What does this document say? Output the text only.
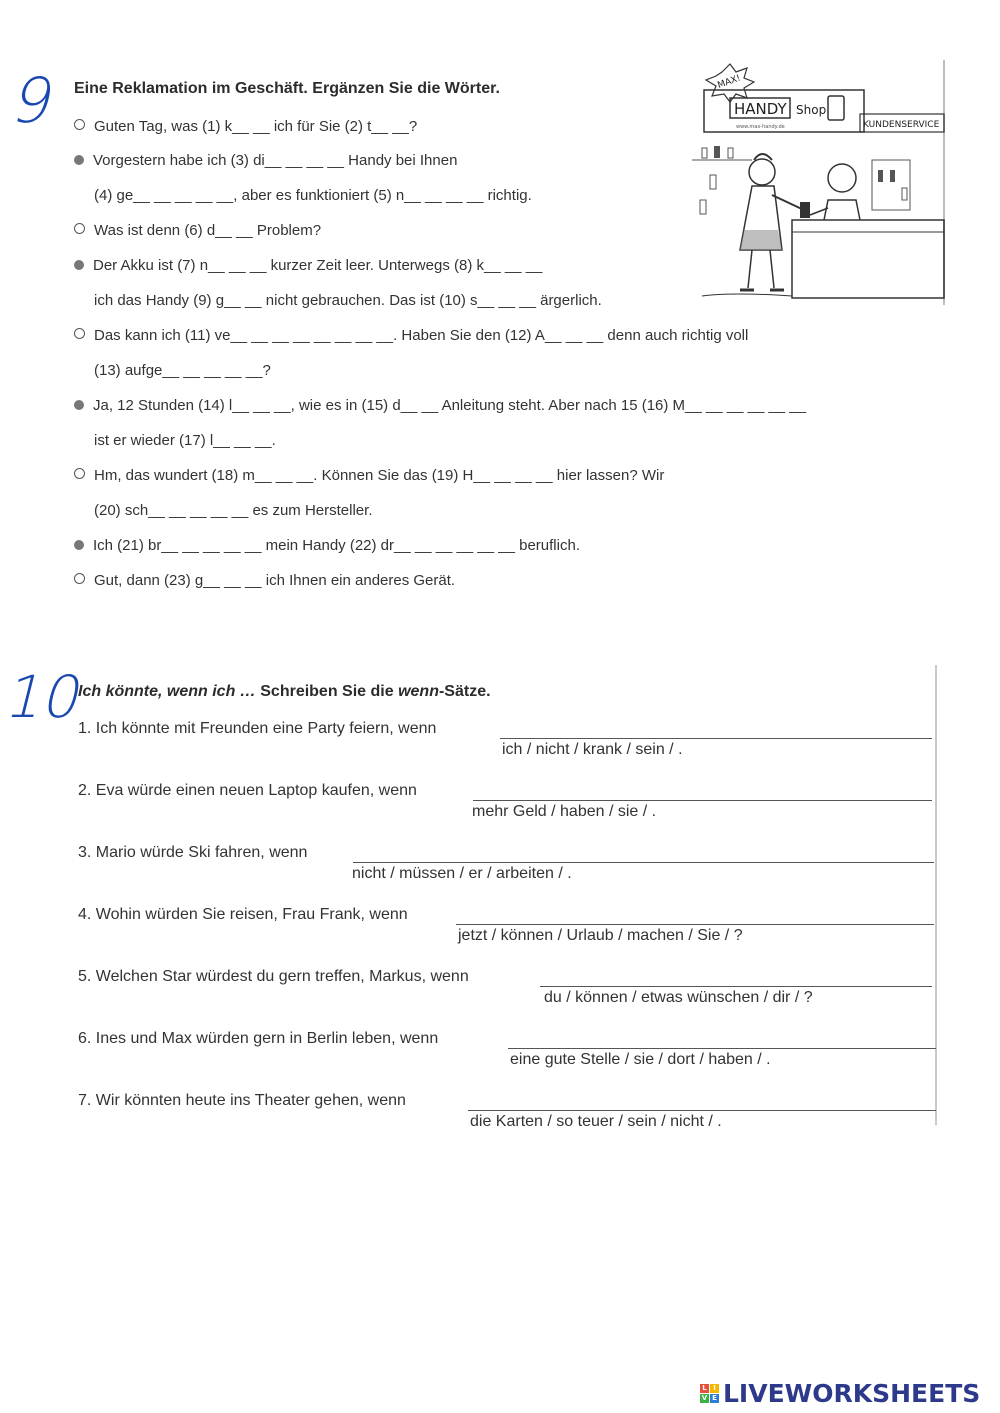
9 Eine Reklamation im Geschäft. Ergänzen Sie die Wörter.
Guten Tag, was (1) k__ __ ich für Sie (2) t__ __?
Vorgestern habe ich (3) di__ __ __ __ Handy bei Ihnen
(4) ge__ __ __ __ __, aber es funktioniert (5) n__ __ __ __ richtig.
Was ist denn (6) d__ __ Problem?
Der Akku ist (7) n__ __ __ kurzer Zeit leer. Unterwegs (8) k__ __ __
ich das Handy (9) g__ __ nicht gebrauchen. Das ist (10) s__ __ __ ärgerlich.
Das kann ich (11) ve__ __ __ __ __ __ __ __. Haben Sie den (12) A__ __ __ denn auch richtig voll
(13) aufge__ __ __ __ __?
Ja, 12 Stunden (14) l__ __ __, wie es in (15) d__ __ Anleitung steht. Aber nach 15 (16) M__ __ __ __ __ __
ist er wieder (17) l__ __ __.
Hm, das wundert (18) m__ __ __. Können Sie das (19) H__ __ __ __ hier lassen? Wir
(20) sch__ __ __ __ __ es zum Hersteller.
Ich (21) br__ __ __ __ __ mein Handy (22) dr__ __ __ __ __ __ beruflich.
Gut, dann (23) g__ __ __ ich Ihnen ein anderes Gerät.
MAX!
HANDY Shop
www.max-handy.de	KUNDENSERVICE
10
Ich könnte, wenn ich … Schreiben Sie die wenn-Sätze.
1. Ich könnte mit Freunden eine Party feiern, wenn
ich / nicht / krank / sein / .
2. Eva würde einen neuen Laptop kaufen, wenn
mehr Geld / haben / sie / .
3. Mario würde Ski fahren, wenn
nicht / müssen / er / arbeiten / .
4. Wohin würden Sie reisen, Frau Frank, wenn
jetzt / können / Urlaub / machen / Sie / ?
5. Welchen Star würdest du gern treffen, Markus, wenn
du / können / etwas wünschen / dir / ?
6. Ines und Max würden gern in Berlin leben, wenn
eine gute Stelle / sie / dort / haben / .
7. Wir könnten heute ins Theater gehen, wenn
die Karten / so teuer / sein / nicht / .
L I
V E LIVEWORKSHEETS
